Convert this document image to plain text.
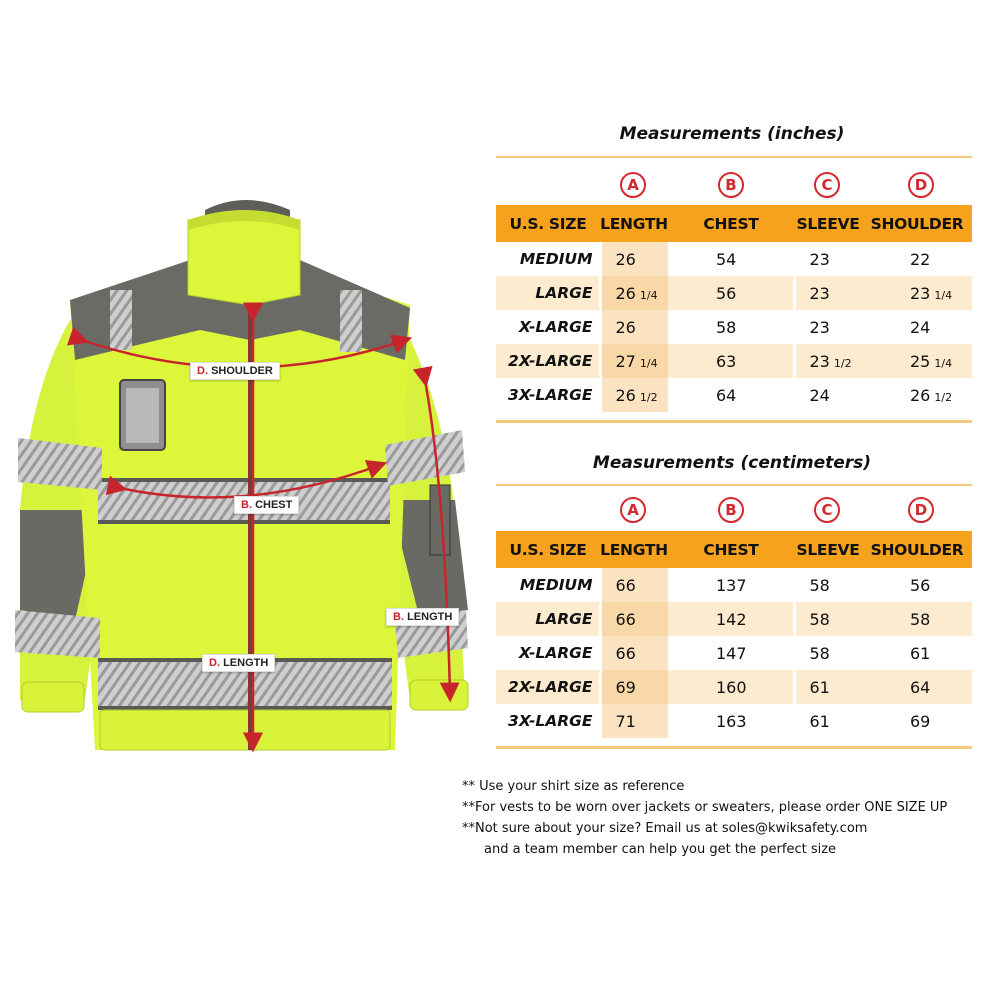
D. SHOULDER
B. CHEST
D. LENGTH
B. LENGTH
Measurements (inches)
A	B	C	D
U.S. SIZE	LENGTH	CHEST	SLEEVE	SHOULDER
MEDIUM	26	54	23	22
LARGE	26 1/4	56	23	23 1/4
X-LARGE	26	58	23	24
2X-LARGE	27 1/4	63	23 1/2	25 1/4
3X-LARGE	26 1/2	64	24	26 1/2
Measurements (centimeters)
A	B	C	D
U.S. SIZE	LENGTH	CHEST	SLEEVE	SHOULDER
MEDIUM	66	137	58	56
LARGE	66	142	58	58
X-LARGE	66	147	58	61
2X-LARGE	69	160	61	64
3X-LARGE	71	163	61	69
** Use your shirt size as reference
**For vests to be worn over jackets or sweaters, please order ONE SIZE UP
**Not sure about your size? Email us at soles@kwiksafety.com
and a team member can help you get the perfect size
